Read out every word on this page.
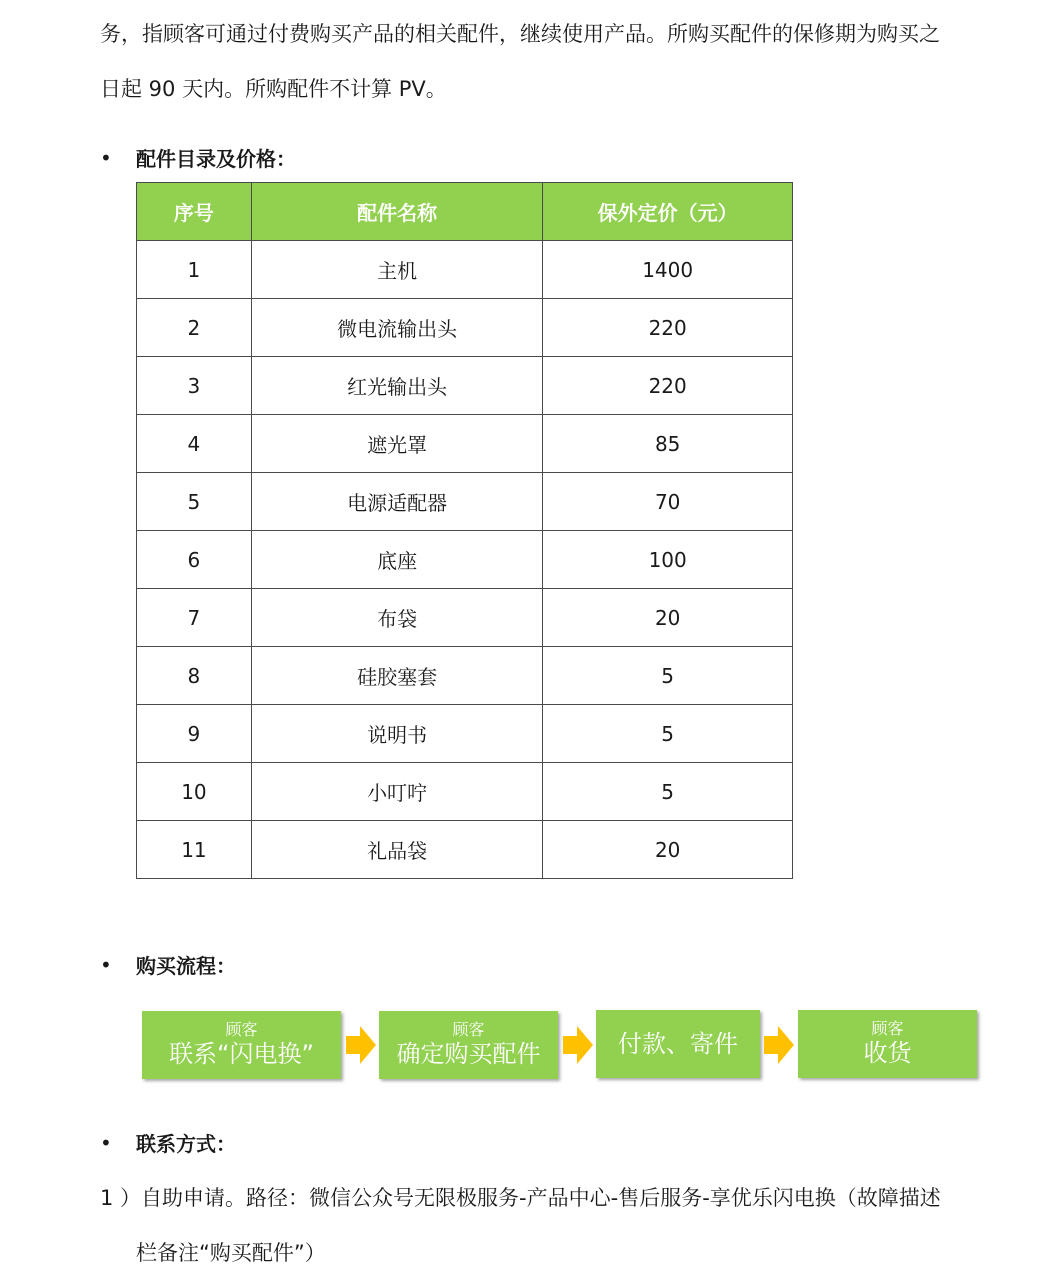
务，指顾客可通过付费购买产品的相关配件，继续使用产品。所购买配件的保修期为购买之
日起 90 天内。所购配件不计算 PV。
• 配件目录及价格：
序号	配件名称	保外定价（元）
1	主机	1400
2	微电流输出头	220
3	红光输出头	220
4	遮光罩	85
5	电源适配器	70
6	底座	100
7	布袋	20
8	硅胶塞套	5
9	说明书	5
10	小叮咛	5
11	礼品袋	20
• 购买流程：
顾客
联系“闪电换”
顾客
确定购买配件	付款、寄件
顾客
收货
• 联系方式：
1 ）自助申请。路径：微信公众号无限极服务-产品中心-售后服务-享优乐闪电换（故障描述
栏备注“购买配件”）
